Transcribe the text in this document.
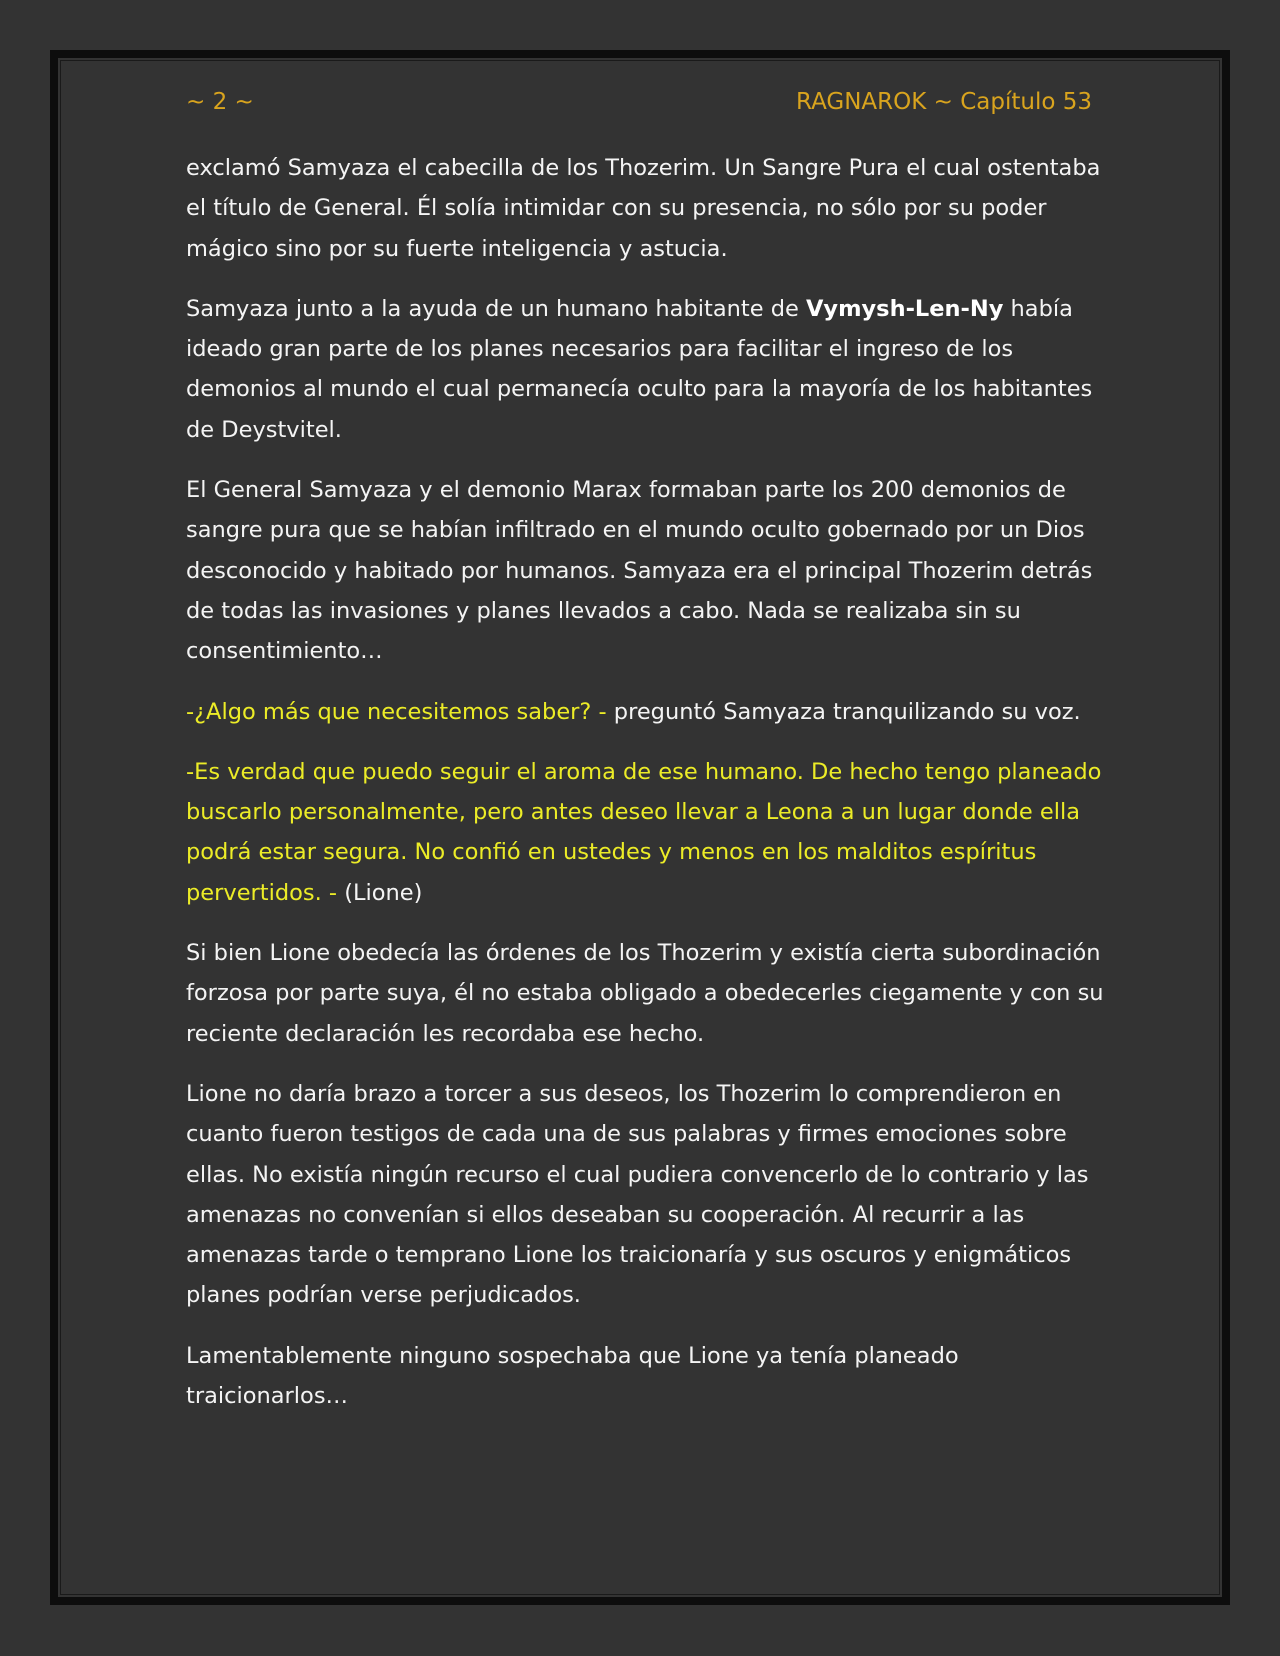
~ 2 ~	RAGNAROK ~ Capítulo 53

exclamó Samyaza el cabecilla de los Thozerim. Un Sangre Pura el cual ostentaba el título de General. Él solía intimidar con su presencia, no sólo por su poder mágico sino por su fuerte inteligencia y astucia.

Samyaza junto a la ayuda de un humano habitante de Vymysh-Len-Ny había ideado gran parte de los planes necesarios para facilitar el ingreso de los demonios al mundo el cual permanecía oculto para la mayoría de los habitantes de Deystvitel.

El General Samyaza y el demonio Marax formaban parte los 200 demonios de sangre pura que se habían infiltrado en el mundo oculto gobernado por un Dios desconocido y habitado por humanos. Samyaza era el principal Thozerim detrás de todas las invasiones y planes llevados a cabo. Nada se realizaba sin su consentimiento…

-¿Algo más que necesitemos saber? - preguntó Samyaza tranquilizando su voz.

-Es verdad que puedo seguir el aroma de ese humano. De hecho tengo planeado buscarlo personalmente, pero antes deseo llevar a Leona a un lugar donde ella podrá estar segura. No confió en ustedes y menos en los malditos espíritus pervertidos. - (Lione)

Si bien Lione obedecía las órdenes de los Thozerim y existía cierta subordinación forzosa por parte suya, él no estaba obligado a obedecerles ciegamente y con su reciente declaración les recordaba ese hecho.

Lione no daría brazo a torcer a sus deseos, los Thozerim lo comprendieron en cuanto fueron testigos de cada una de sus palabras y firmes emociones sobre ellas. No existía ningún recurso el cual pudiera convencerlo de lo contrario y las amenazas no convenían si ellos deseaban su cooperación. Al recurrir a las amenazas tarde o temprano Lione los traicionaría y sus oscuros y enigmáticos planes podrían verse perjudicados.

Lamentablemente ninguno sospechaba que Lione ya tenía planeado traicionarlos…
